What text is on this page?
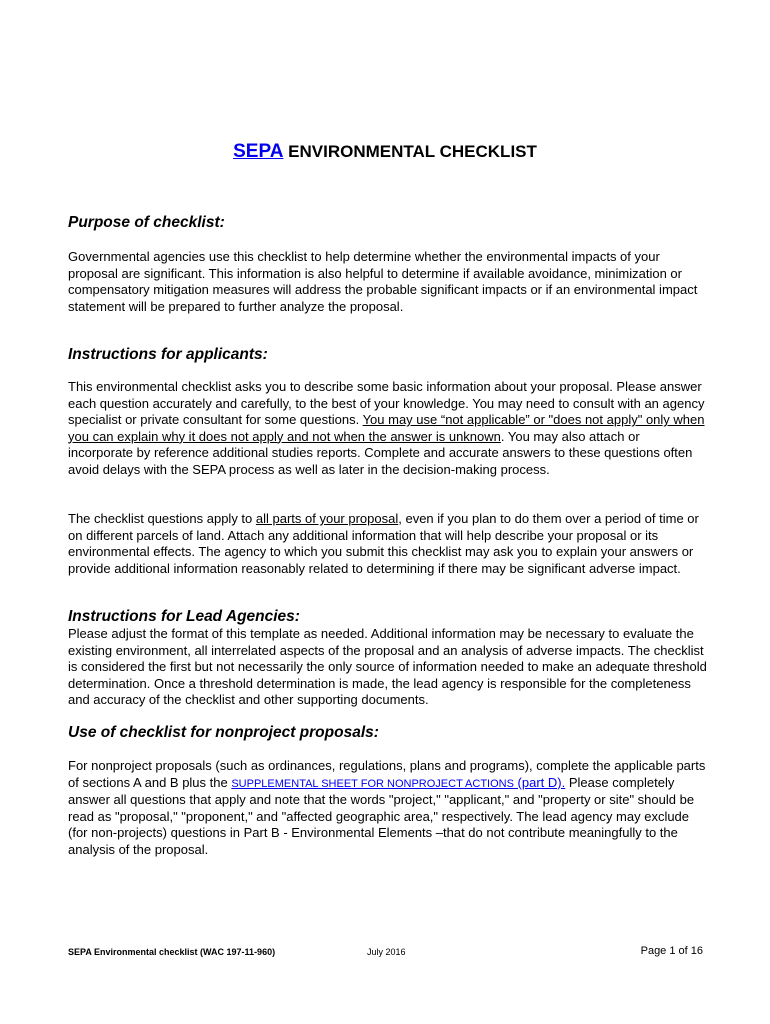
SEPA ENVIRONMENTAL CHECKLIST
Purpose of checklist:

Governmental agencies use this checklist to help determine whether the environmental impacts of your proposal are significant. This information is also helpful to determine if available avoidance, minimization or compensatory mitigation measures will address the probable significant impacts or if an environmental impact statement will be prepared to further analyze the proposal.

Instructions for applicants:

This environmental checklist asks you to describe some basic information about your proposal. Please answer each question accurately and carefully, to the best of your knowledge. You may need to consult with an agency specialist or private consultant for some questions. You may use “not applicable” or "does not apply" only when you can explain why it does not apply and not when the answer is unknown. You may also attach or incorporate by reference additional studies reports. Complete and accurate answers to these questions often avoid delays with the SEPA process as well as later in the decision-making process.

The checklist questions apply to all parts of your proposal, even if you plan to do them over a period of time or on different parcels of land. Attach any additional information that will help describe your proposal or its environmental effects. The agency to which you submit this checklist may ask you to explain your answers or provide additional information reasonably related to determining if there may be significant adverse impact.

Instructions for Lead Agencies:

Please adjust the format of this template as needed. Additional information may be necessary to evaluate the existing environment, all interrelated aspects of the proposal and an analysis of adverse impacts. The checklist is considered the first but not necessarily the only source of information needed to make an adequate threshold determination. Once a threshold determination is made, the lead agency is responsible for the completeness and accuracy of the checklist and other supporting documents.

Use of checklist for nonproject proposals:

For nonproject proposals (such as ordinances, regulations, plans and programs), complete the applicable parts of sections A and B plus the SUPPLEMENTAL SHEET FOR NONPROJECT ACTIONS (part D). Please completely answer all questions that apply and note that the words "project," "applicant," and "property or site" should be read as "proposal," "proponent," and "affected geographic area," respectively. The lead agency may exclude (for non-projects) questions in Part B - Environmental Elements –that do not contribute meaningfully to the analysis of the proposal.

SEPA Environmental checklist (WAC 197-11-960)	July 2016	Page 1 of 16
